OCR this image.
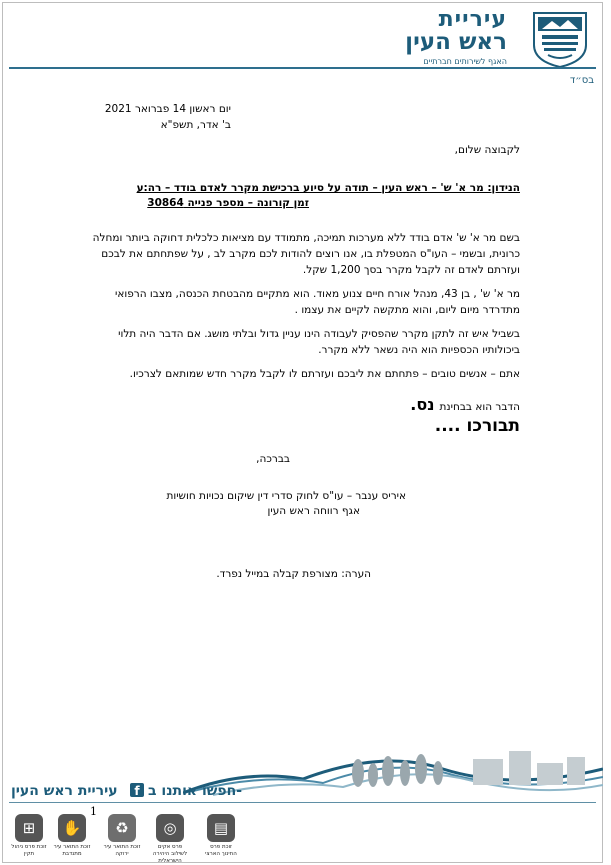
עיריית
ראש העין
האגף לשירותים חברתיים
בס״ד
יום ראשון 14 פברואר 2021
ב' אדר, תשפ"א
לקבוצה שלום,
הנידון: מר א' ש' – ראש העין – תודה על סיוע ברכישת מקרר לאדם בודד – רה:ע
זמן קורונה – מספר פנייה 30864
בשם מר א' ש' אדם בודד ללא מערכות תמיכה, מתמודד עם מציאות כלכלית דחוקה ביותר ומחלה
כרונית, ובשמי – העו"ס המטפלת בו, אנו רוצים להודות לכם מקרב לב , על שפתחתם את לבכם
ועזרתם לאדם זה לקבל מקרר בסך 1,200 שקל.
מר א' ש' , בן 43, מנהל אורח חיים צנוע מאוד. הוא מתקיים מהבטחת הכנסה, מצבו הרפואי
מתדרדר מיום ליום, והוא מתקשה לקיים את עצמו .
בשביל איש זה לתקן מקרר שהפסיק לעבודה הינו עניין גדול ובלתי מושג. אם הדבר היה תלוי
ביכולותיו הכספיות הוא היה נשאר ללא מקרר.
אתם – אנשים טובים – פתחתם את ליבכם ועזרתם לו לקבל מקרר חדש שמותאם לצרכיו.
הדבר הוא בבחינת נס.
תבורכו ....
בברכה,
איריס ענבר – עו"ס לחוק סדרי דין שיקום נכויות חושיות
אגף רווחה ראש העין
הערה: מצורפת קבלה במייל נפרד.
עיריית ראש העין	f חפשו אותנו ב-
1
⊞
זוכת פרס ניהול תקין
✋
זוכת התואר עיר מתנדבת
♻
זוכת התואר עיר ירוקה
◎
פרס אקים לשילוב היהירה הישראלית
▤
זוכת פרס החינוך הארצי
